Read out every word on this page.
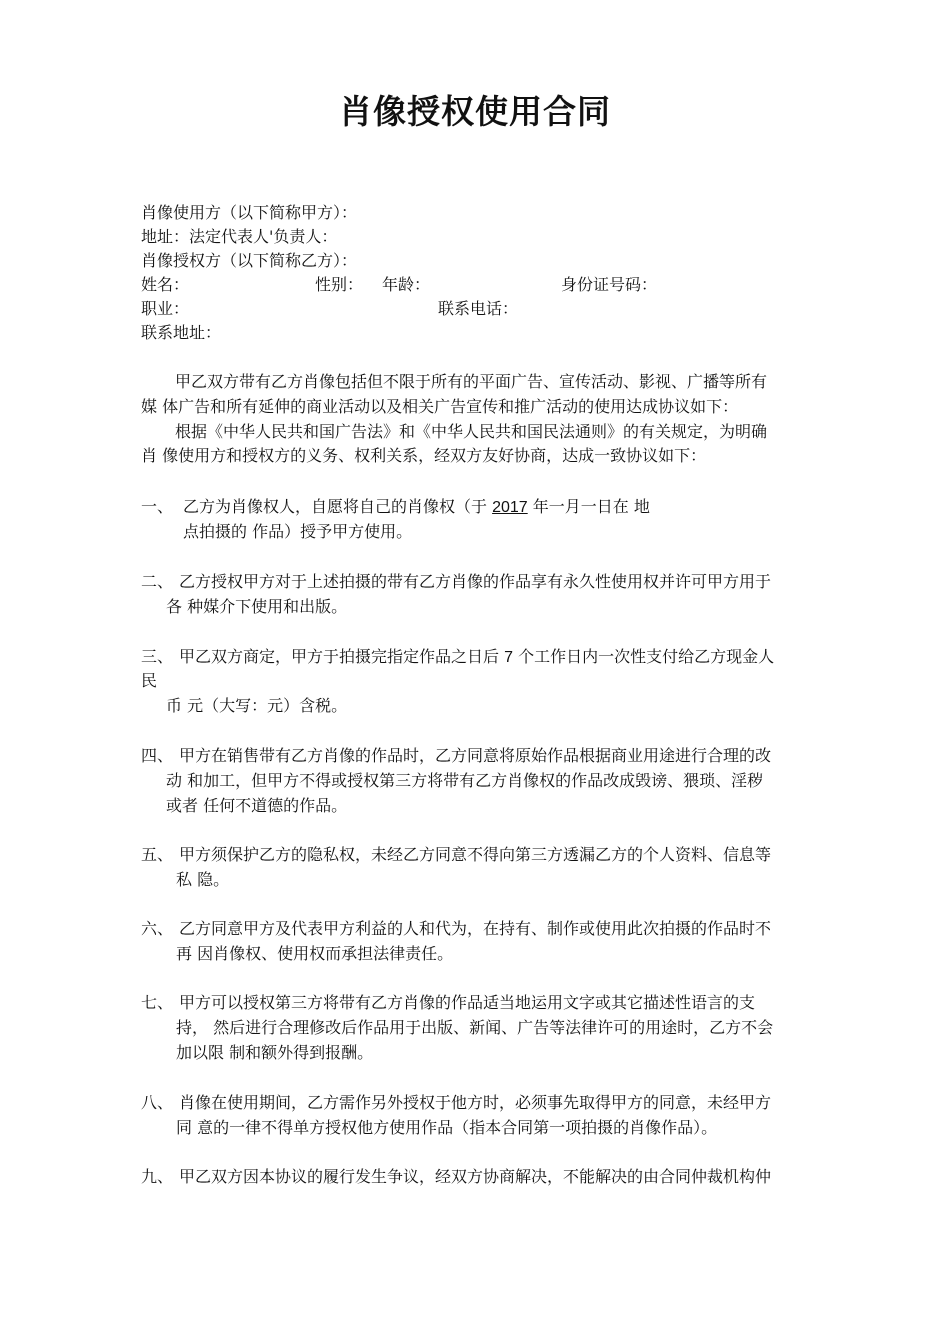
肖像授权使用合同
肖像使用方（以下简称甲方）：
地址：法定代表人'负责人：
肖像授权方（以下简称乙方）：
姓名：	性别： 年龄：	身份证号码：
职业：	联系电话：
联系地址：
甲乙双方带有乙方肖像包括但不限于所有的平面广告、宣传活动、影视、广播等所有
媒 体广告和所有延伸的商业活动以及相关广告宣传和推广活动的使用达成协议如下：
根据《中华人民共和国广告法》和《中华人民共和国民法通则》的有关规定，为明确
肖 像使用方和授权方的义务、权利关系，经双方友好协商，达成一致协议如下：
一、 乙方为肖像权人，自愿将自己的肖像权（于 2017 年一月一日在 地
点拍摄的 作品）授予甲方使用。
二、 乙方授权甲方对于上述拍摄的带有乙方肖像的作品享有永久性使用权并许可甲方用于
各 种媒介下使用和出版。
三、 甲乙双方商定，甲方于拍摄完指定作品之日后 7 个工作日内一次性支付给乙方现金人
民
币 元（大写：元）含税。
四、 甲方在销售带有乙方肖像的作品时，乙方同意将原始作品根据商业用途进行合理的改
动 和加工，但甲方不得或授权第三方将带有乙方肖像权的作品改成毁谤、猥琐、淫秽
或者 任何不道德的作品。
五、 甲方须保护乙方的隐私权，未经乙方同意不得向第三方透漏乙方的个人资料、信息等
私 隐。
六、 乙方同意甲方及代表甲方利益的人和代为，在持有、制作或使用此次拍摄的作品时不
再 因肖像权、使用权而承担法律责任。
七、 甲方可以授权第三方将带有乙方肖像的作品适当地运用文字或其它描述性语言的支
持， 然后进行合理修改后作品用于出版、新闻、广告等法律许可的用途时，乙方不会
加以限 制和额外得到报酬。
八、 肖像在使用期间，乙方需作另外授权于他方时，必须事先取得甲方的同意，未经甲方
同 意的一律不得单方授权他方使用作品（指本合同第一项拍摄的肖像作品）。
九、 甲乙双方因本协议的履行发生争议，经双方协商解决，不能解决的由合同仲裁机构仲
